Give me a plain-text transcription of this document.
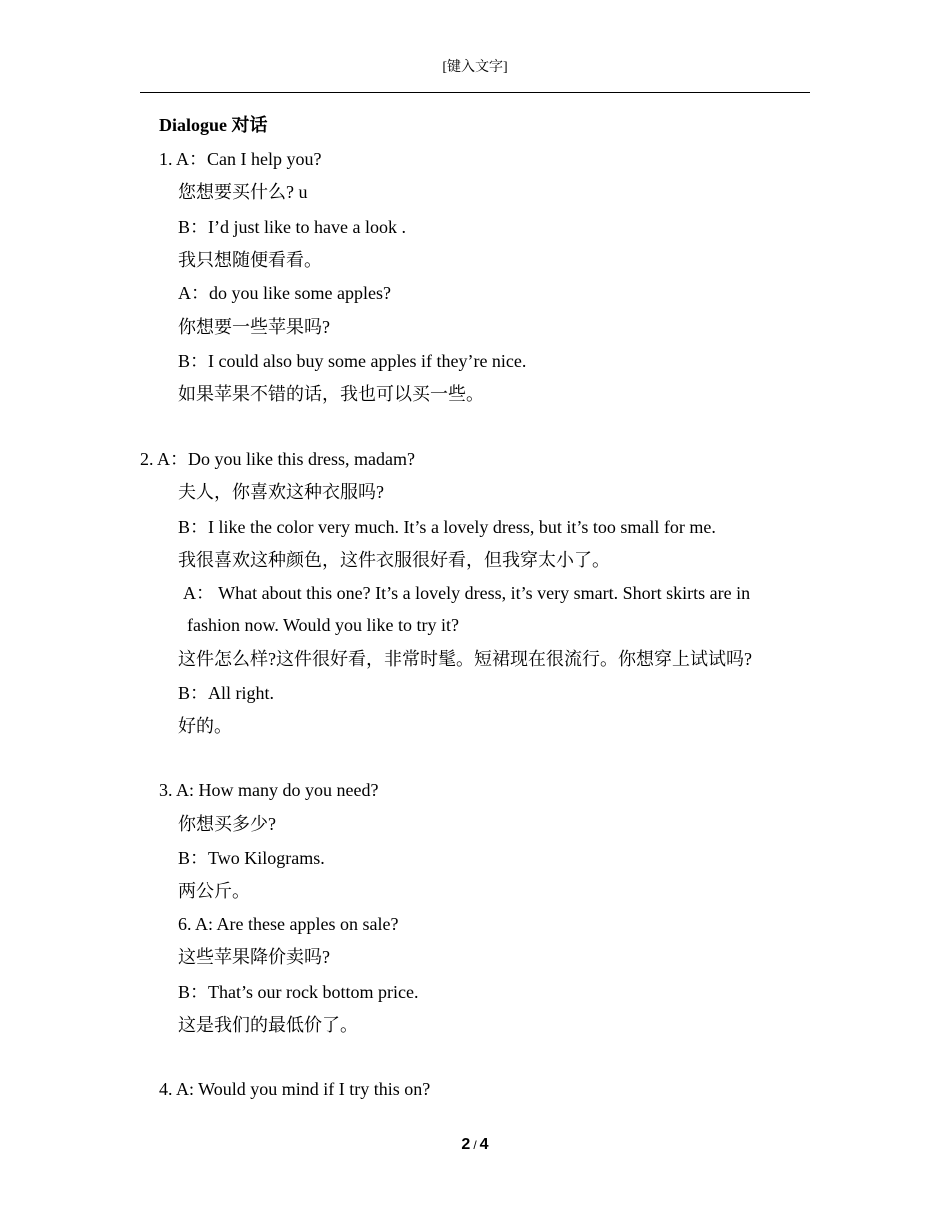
[键入文字]
Dialogue 对话
1. A：Can I help you?
您想要买什么? u
B：I’d just like to have a look .
我只想随便看看。
A：do you like some apples?
你想要一些苹果吗?
B：I could also buy some apples if they’re nice.
如果苹果不错的话，我也可以买一些。
2. A：Do you like this dress, madam?
夫人，你喜欢这种衣服吗?
B：I like the color very much. It’s a lovely dress, but it’s too small for me.
我很喜欢这种颜色，这件衣服很好看，但我穿太小了。
A： What about this one? It’s a lovely dress, it’s very smart. Short skirts are in
fashion now. Would you like to try it?
这件怎么样?这件很好看，非常时髦。短裙现在很流行。你想穿上试试吗?
B：All right.
好的。
3. A: How many do you need?
你想买多少?
B：Two Kilograms.
两公斤。
6. A: Are these apples on sale?
这些苹果降价卖吗?
B：That’s our rock bottom price.
这是我们的最低价了。
4. A: Would you mind if I try this on?
2 / 4
